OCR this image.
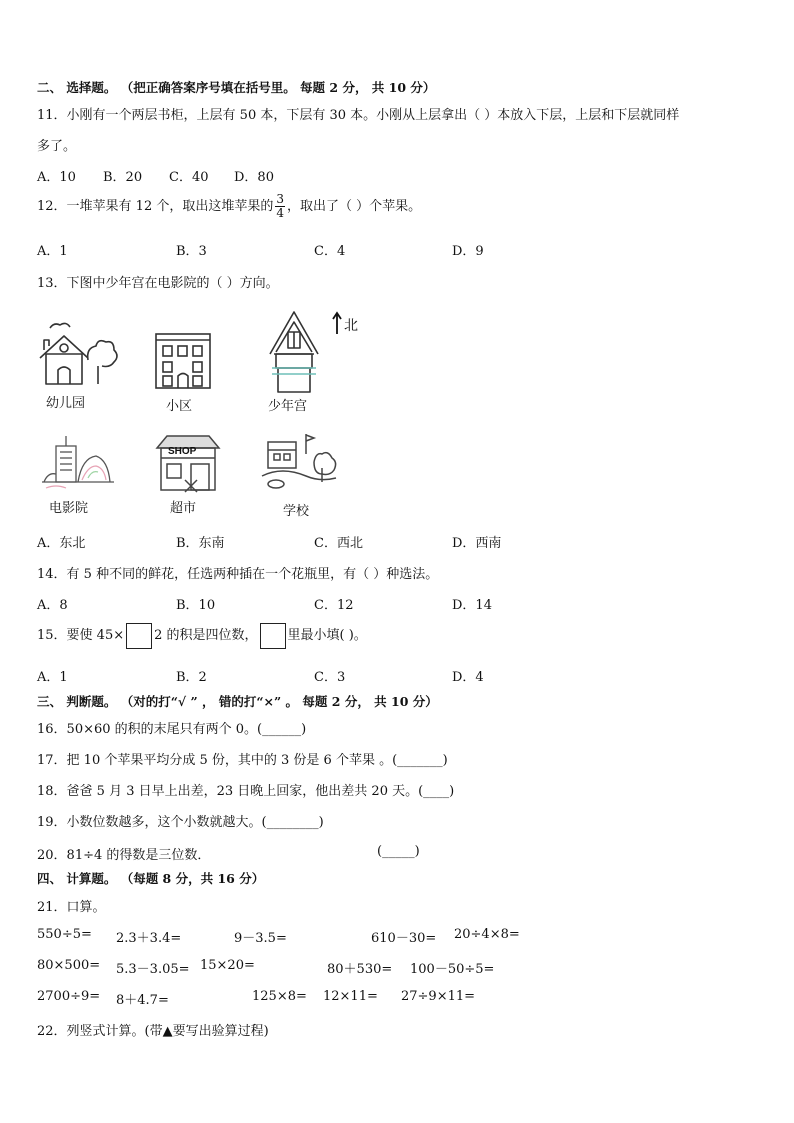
二、 选择题。 （把正确答案序号填在括号里。 每题 2 分， 共 10 分）
11．小刚有一个两层书柜，上层有 50 本，下层有 30 本。小刚从上层拿出（ ）本放入下层，上层和下层就同样
多了。
A．10 B．20 C．40 D．80
12．一堆苹果有 12 个，取出这堆苹果的 $\frac{3}{4}$ ，取出了（ ）个苹果。
A．1	B．3	C．4	D．9
13．下图中少年宫在电影院的（ ）方向。
幼儿园	小区	少年宫
北
电影院
SHOP
超市	学校
A．东北	B．东南	C．西北	D．西南
14．有 5 种不同的鲜花，任选两种插在一个花瓶里，有（ ）种选法。
A．8	B．10	C．12	D．14
15．要使 45× 2 的积是四位数， 里最小填( )。
A．1	B．2	C．3	D．4
三、 判断题。 （对的打“√ ” ， 错的打“×” 。 每题 2 分， 共 10 分）
16．50×60 的积的末尾只有两个 0。(______)
17．把 10 个苹果平均分成 5 份，其中的 3 份是 6 个苹果 。(_______)
18．爸爸 5 月 3 日早上出差，23 日晚上回家，他出差共 20 天。(____)
19．小数位数越多，这个小数就越大。(________)
20．81÷4 的得数是三位数．	(_____)
四、 计算题。 （每题 8 分，共 16 分）
21．口算。
550÷5= 2.3＋3.4=	9－3.5=	610－30= 20÷4×8=
80×500= 5.3－3.05= 15×20=	80＋530= 100－50÷5=
2700÷9= 8＋4.7=	125×8= 12×11= 27÷9×11=
22．列竖式计算。(带▲要写出验算过程)
